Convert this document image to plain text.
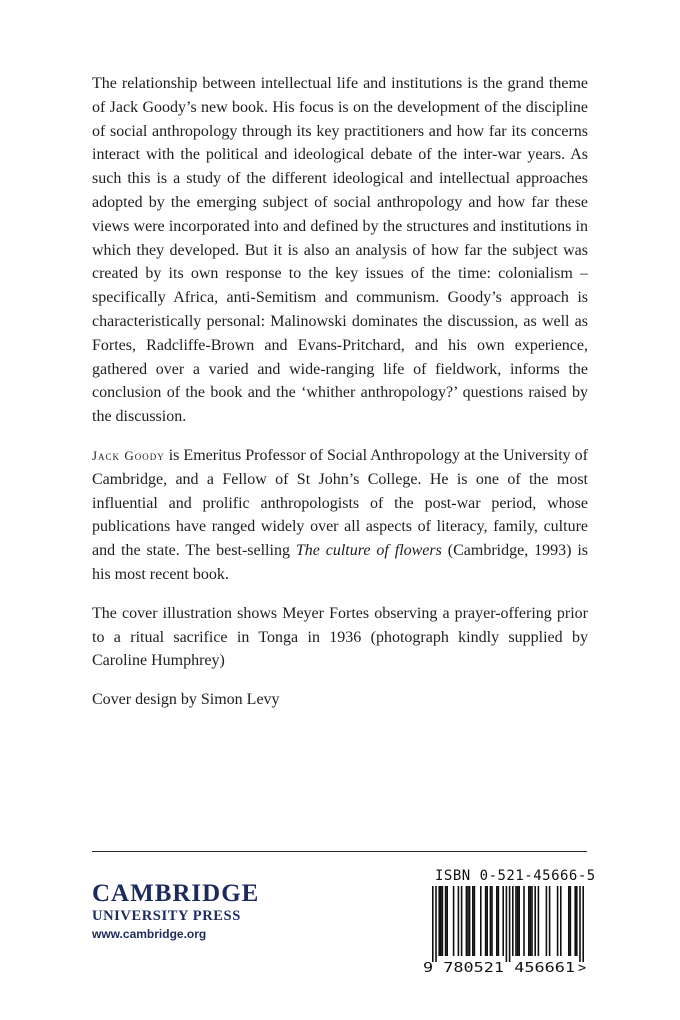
The relationship between intellectual life and institutions is the grand theme of Jack Goody’s new book. His focus is on the development of the discipline of social anthropology through its key practitioners and how far its concerns interact with the political and ideological debate of the inter-war years. As such this is a study of the different ideological and intellectual approaches adopted by the emerging subject of social anthropology and how far these views were incorporated into and defined by the structures and institutions in which they developed. But it is also an analysis of how far the subject was created by its own response to the key issues of the time: colonialism – specifically Africa, anti-Semitism and communism. Goody’s approach is characteristically personal: Malinowski dominates the discussion, as well as Fortes, Radcliffe-Brown and Evans-Pritchard, and his own experience, gathered over a varied and wide-ranging life of fieldwork, informs the conclusion of the book and the ‘whither anthropology?’ questions raised by the discussion.

Jack Goody is Emeritus Professor of Social Anthropology at the University of Cambridge, and a Fellow of St John’s College. He is one of the most influential and prolific anthropologists of the post-war period, whose publications have ranged widely over all aspects of literacy, family, culture and the state. The best-selling The culture of flowers (Cambridge, 1993) is his most recent book.

The cover illustration shows Meyer Fortes observing a prayer-offering prior to a ritual sacrifice in Tonga in 1936 (photograph kindly supplied by Caroline Humphrey)

Cover design by Simon Levy

CAMBRIDGE
UNIVERSITY PRESS
www.cambridge.org
ISBN 0-521-45666-5
9 780521 456661 >
